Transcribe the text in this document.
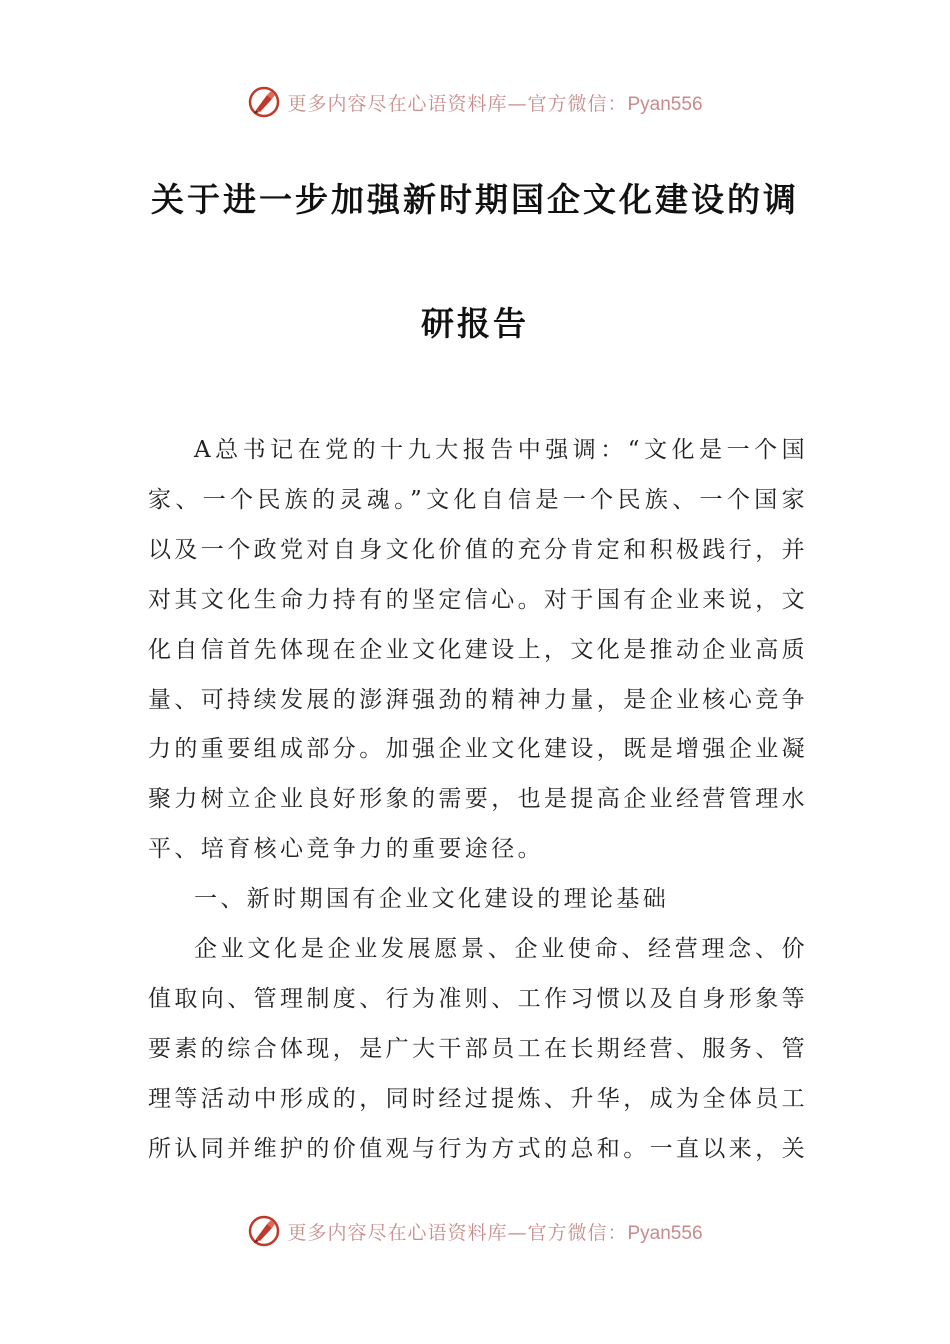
更多内容尽在心语资料库—官方微信：Pyan556
关于进一步加强新时期国企文化建设的调
研报告

A总书记在党的十九大报告中强调：“文化是一个国家、一个民族的灵魂。”文化自信是一个民族、一个国家以及一个政党对自身文化价值的充分肯定和积极践行，并对其文化生命力持有的坚定信心。对于国有企业来说，文化自信首先体现在企业文化建设上，文化是推动企业高质量、可持续发展的澎湃强劲的精神力量，是企业核心竞争力的重要组成部分。加强企业文化建设，既是增强企业凝聚力树立企业良好形象的需要，也是提高企业经营管理水平、培育核心竞争力的重要途径。

一、新时期国有企业文化建设的理论基础

企业文化是企业发展愿景、企业使命、经营理念、价值取向、管理制度、行为准则、工作习惯以及自身形象等要素的综合体现，是广大干部员工在长期经营、服务、管理等活动中形成的，同时经过提炼、升华，成为全体员工所认同并维护的价值观与行为方式的总和。一直以来，关

更多内容尽在心语资料库—官方微信：Pyan556
